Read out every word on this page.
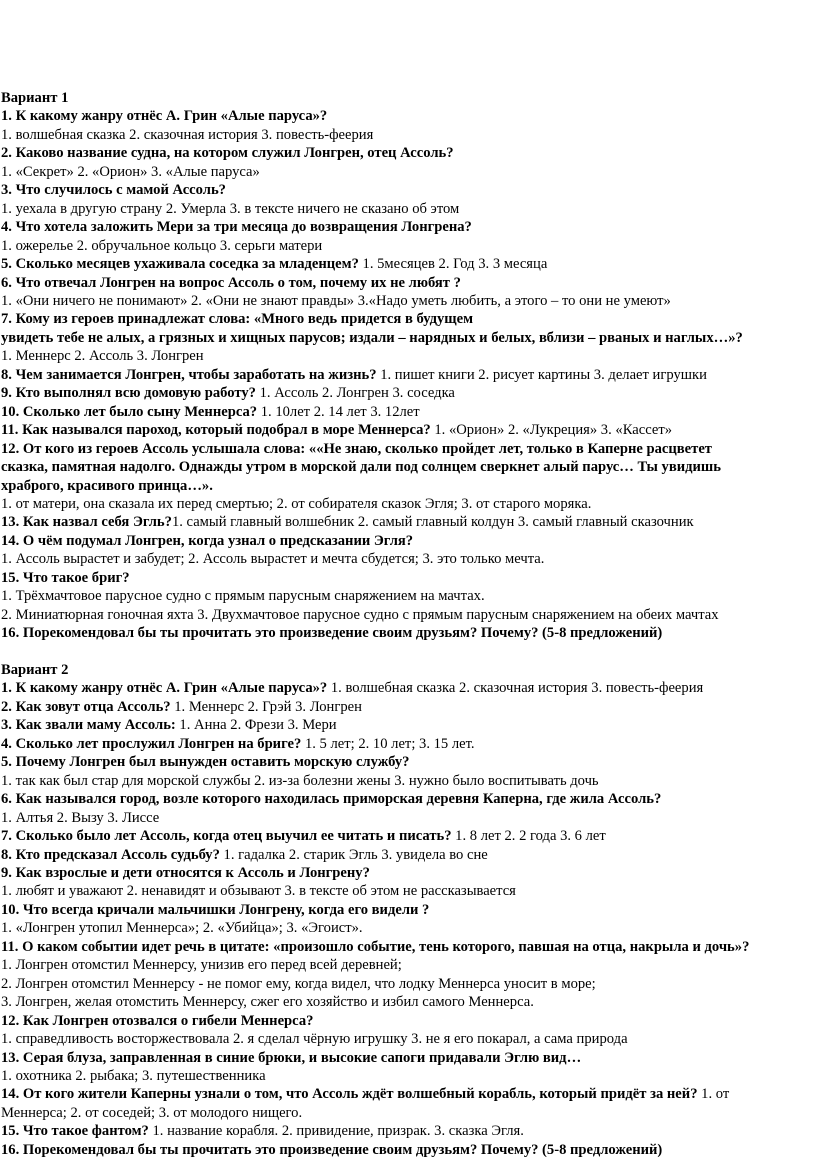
Вариант 1
1. К какому жанру отнёс А. Грин «Алые паруса»?
1. волшебная сказка 2. сказочная история 3. повесть-феерия
2. Каково название судна, на котором служил Лонгрен, отец Ассоль?
1. «Секрет» 2. «Орион» 3. «Алые паруса»
3. Что случилось с мамой Ассоль?
1. уехала в другую страну 2. Умерла 3. в тексте ничего не сказано об этом
4. Что хотела заложить Мери за три месяца до возвращения Лонгрена?
1. ожерелье 2. обручальное кольцо 3. серьги матери
5. Сколько месяцев ухаживала соседка за младенцем? 1. 5месяцев 2. Год 3. 3 месяца
6. Что отвечал Лонгрен на вопрос Ассоль о том, почему их не любят ?
1. «Они ничего не понимают» 2. «Они не знают правды» 3.«Надо уметь любить, а этого – то они не умеют»
7. Кому из героев принадлежат слова: «Много ведь придется в будущем
увидеть тебе не алых, а грязных и хищных парусов; издали – нарядных и белых, вблизи – рваных и наглых…»?
1. Меннерс 2. Ассоль 3. Лонгрен
8. Чем занимается Лонгрен, чтобы заработать на жизнь? 1. пишет книги 2. рисует картины 3. делает игрушки
9. Кто выполнял всю домовую работу? 1. Ассоль 2. Лонгрен 3. соседка
10. Сколько лет было сыну Меннерса? 1. 10лет 2. 14 лет 3. 12лет
11. Как назывался пароход, который подобрал в море Меннерса? 1. «Орион» 2. «Лукреция» 3. «Кассет»
12. От кого из героев Ассоль услышала слова: ««Не знаю, сколько пройдет лет, только в Каперне расцветет
сказка, памятная надолго. Однажды утром в морской дали под солнцем сверкнет алый парус… Ты увидишь
храброго, красивого принца…».
1. от матери, она сказала их перед смертью; 2. от собирателя сказок Эгля; 3. от старого моряка.
13. Как назвал себя Эгль?1. самый главный волшебник 2. самый главный колдун 3. самый главный сказочник
14. О чём подумал Лонгрен, когда узнал о предсказании Эгля?
1. Ассоль вырастет и забудет; 2. Ассоль вырастет и мечта сбудется; 3. это только мечта.
15. Что такое бриг?
1. Трёхмачтовое парусное судно с прямым парусным снаряжением на мачтах.
2. Миниатюрная гоночная яхта 3. Двухмачтовое парусное судно с прямым парусным снаряжением на обеих мачтах
16. Порекомендовал бы ты прочитать это произведение своим друзьям? Почему? (5-8 предложений)
Вариант 2
1. К какому жанру отнёс А. Грин «Алые паруса»? 1. волшебная сказка 2. сказочная история 3. повесть-феерия
2. Как зовут отца Ассоль? 1. Меннерс 2. Грэй 3. Лонгрен
3. Как звали маму Ассоль: 1. Анна 2. Фрези 3. Мери
4. Сколько лет прослужил Лонгрен на бриге? 1. 5 лет; 2. 10 лет; 3. 15 лет.
5. Почему Лонгрен был вынужден оставить морскую службу?
1. так как был стар для морской службы 2. из-за болезни жены 3. нужно было воспитывать дочь
6. Как назывался город, возле которого находилась приморская деревня Каперна, где жила Ассоль?
1. Алтья 2. Вызу 3. Лиссе
7. Сколько было лет Ассоль, когда отец выучил ее читать и писать? 1. 8 лет 2. 2 года 3. 6 лет
8. Кто предсказал Ассоль судьбу? 1. гадалка 2. старик Эгль 3. увидела во сне
9. Как взрослые и дети относятся к Ассоль и Лонгрену?
1. любят и уважают 2. ненавидят и обзывают 3. в тексте об этом не рассказывается
10. Что всегда кричали мальчишки Лонгрену, когда его видели ?
1. «Лонгрен утопил Меннерса»; 2. «Убийца»; 3. «Эгоист».
11. О каком событии идет речь в цитате: «произошло событие, тень которого, павшая на отца, накрыла и дочь»?
1. Лонгрен отомстил Меннерсу, унизив его перед всей деревней;
2. Лонгрен отомстил Меннерсу - не помог ему, когда видел, что лодку Меннерса уносит в море;
3. Лонгрен, желая отомстить Меннерсу, сжег его хозяйство и избил самого Меннерса.
12. Как Лонгрен отозвался о гибели Меннерса?
1. справедливость восторжествовала 2. я сделал чёрную игрушку 3. не я его покарал, а сама природа
13. Серая блуза, заправленная в синие брюки, и высокие сапоги придавали Эглю вид…
1. охотника 2. рыбака; 3. путешественника
14. От кого жители Каперны узнали о том, что Ассоль ждёт волшебный корабль, который придёт за ней? 1. от
Меннерса; 2. от соседей; 3. от молодого нищего.
15. Что такое фантом? 1. название корабля. 2. привидение, призрак. 3. сказка Эгля.
16. Порекомендовал бы ты прочитать это произведение своим друзьям? Почему? (5-8 предложений)
